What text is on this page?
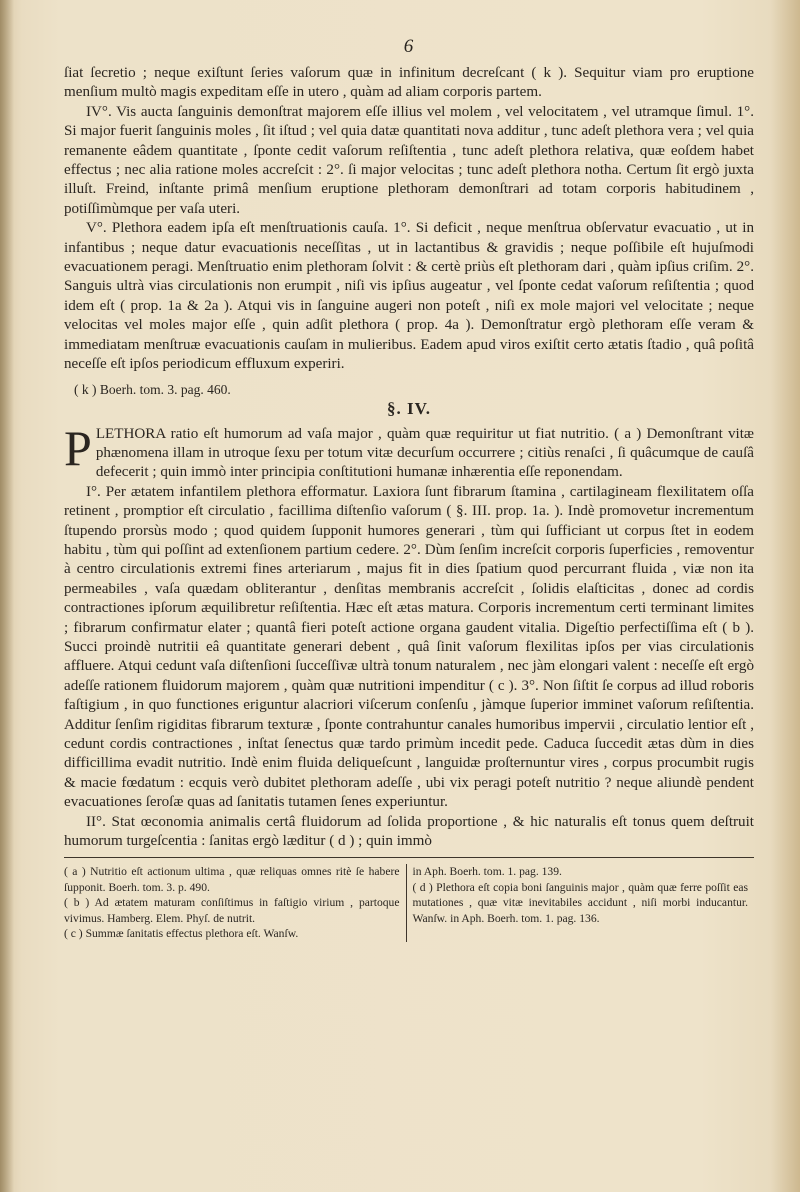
6

ſiat ſecretio ; neque exiſtunt ſeries vaſorum quæ in infinitum decreſcant ( k ). Sequitur viam pro eruptione menſium multò magis expeditam eſſe in utero , quàm ad aliam corporis partem.

IV°. Vis aucta ſanguinis demonſtrat majorem eſſe illius vel molem , vel velocitatem , vel utramque ſimul. 1°. Si major fuerit ſanguinis moles , ſit iſtud ; vel quia datæ quantitati nova additur , tunc adeſt plethora vera ; vel quia remanente eâdem quantitate , ſponte cedit vaſorum reſiſtentia , tunc adeſt plethora relativa, quæ eoſdem habet effectus ; nec alia ratione moles accreſcit : 2°. ſi major velocitas ; tunc adeſt plethora notha. Certum ſit ergò juxta illuſt. Freind, inſtante primâ menſium eruptione plethoram demonſtrari ad totam corporis habitudinem , potiſſimùmque per vaſa uteri.

V°. Plethora eadem ipſa eſt menſtruationis cauſa. 1°. Si deficit , neque menſtrua obſervatur evacuatio , ut in infantibus ; neque datur evacuationis neceſſitas , ut in lactantibus & gravidis ; neque poſſibile eſt hujuſmodi evacuationem peragi. Menſtruatio enim plethoram ſolvit : & certè priùs eſt plethoram dari , quàm ipſius criſim. 2°. Sanguis ultrà vias circulationis non erumpit , niſi vis ipſius augeatur , vel ſponte cedat vaſorum reſiſtentia ; quod idem eſt ( prop. 1a & 2a ). Atqui vis in ſanguine augeri non poteſt , niſi ex mole majori vel velocitate ; neque velocitas vel moles major eſſe , quin adſit plethora ( prop. 4a ). Demonſtratur ergò plethoram eſſe veram & immediatam menſtruæ evacuationis cauſam in mulieribus. Eadem apud viros exiſtit certo ætatis ſtadio , quâ poſitâ neceſſe eſt ipſos periodicum effluxum experiri.

( k ) Boerh. tom. 3. pag. 460.
§. IV.

PLETHORA ratio eſt humorum ad vaſa major , quàm quæ requiritur ut fiat nutritio. ( a ) Demonſtrant vitæ phænomena illam in utroque ſexu per totum vitæ decurſum occurrere ; citiùs renaſci , ſi quâcumque de cauſâ defecerit ; quin immò inter principia conſtitutioni humanæ inhærentia eſſe reponendam.

I°. Per ætatem infantilem plethora efformatur. Laxiora ſunt fibrarum ſtamina , cartilagineam flexilitatem oſſa retinent , promptior eſt circulatio , facillima diſtenſio vaſorum ( §. III. prop. 1a. ). Indè promovetur incrementum ſtupendo prorsùs modo ; quod quidem ſupponit humores generari , tùm qui ſufficiant ut corpus ſtet in eodem habitu , tùm qui poſſint ad extenſionem partium cedere. 2°. Dùm ſenſim increſcit corporis ſuperficies , removentur à centro circulationis extremi fines arteriarum , majus fit in dies ſpatium quod percurrant fluida , viæ non ita permeabiles , vaſa quædam obliterantur , denſitas membranis accreſcit , ſolidis elaſticitas , donec ad cordis contractiones ipſorum æquilibretur reſiſtentia. Hæc eſt ætas matura. Corporis incrementum certi terminant limites ; fibrarum confirmatur elater ; quantâ fieri poteſt actione organa gaudent vitalia. Digeſtio perfectiſſima eſt ( b ). Succi proindè nutritii eâ quantitate generari debent , quâ ſinit vaſorum flexilitas ipſos per vias circulationis affluere. Atqui cedunt vaſa diſtenſioni ſucceſſivæ ultrà tonum naturalem , nec jàm elongari valent : neceſſe eſt ergò adeſſe rationem fluidorum majorem , quàm quæ nutritioni impenditur ( c ). 3°. Non ſiſtit ſe corpus ad illud roboris faſtigium , in quo functiones eriguntur alacriori viſcerum conſenſu , jàmque ſuperior imminet vaſorum reſiſtentia. Additur ſenſim rigiditas fibrarum texturæ , ſponte contrahuntur canales humoribus impervii , circulatio lentior eſt , cedunt cordis contractiones , inſtat ſenectus quæ tardo primùm incedit pede. Caduca ſuccedit ætas dùm in dies difficillima evadit nutritio. Indè enim fluida deliqueſcunt , languidæ proſternuntur vires , corpus procumbit rugis & macie fœdatum : ecquis verò dubitet plethoram adeſſe , ubi vix peragi poteſt nutritio ? neque aliundè pendent evacuationes ſeroſæ quas ad ſanitatis tutamen ſenes experiuntur.

II°. Stat œconomia animalis certâ fluidorum ad ſolida proportione , & hic naturalis eſt tonus quem deſtruit humorum turgeſcentia : ſanitas ergò læditur ( d ) ; quin immò

( a ) Nutritio eſt actionum ultima , quæ reliquas omnes ritè ſe habere ſupponit. Boerh. tom. 3. p. 490.

( b ) Ad ætatem maturam conſiſtimus in faſtigio virium , partoque vivimus. Hamberg. Elem. Phyſ. de nutrit.

( c ) Summæ ſanitatis effectus plethora eſt. Wanſw.

in Aph. Boerh. tom. 1. pag. 139.

( d ) Plethora eſt copia boni ſanguinis major , quàm quæ ferre poſſit eas mutationes , quæ vitæ inevitabiles accidunt , niſi morbi inducantur. Wanſw. in Aph. Boerh. tom. 1. pag. 136.
